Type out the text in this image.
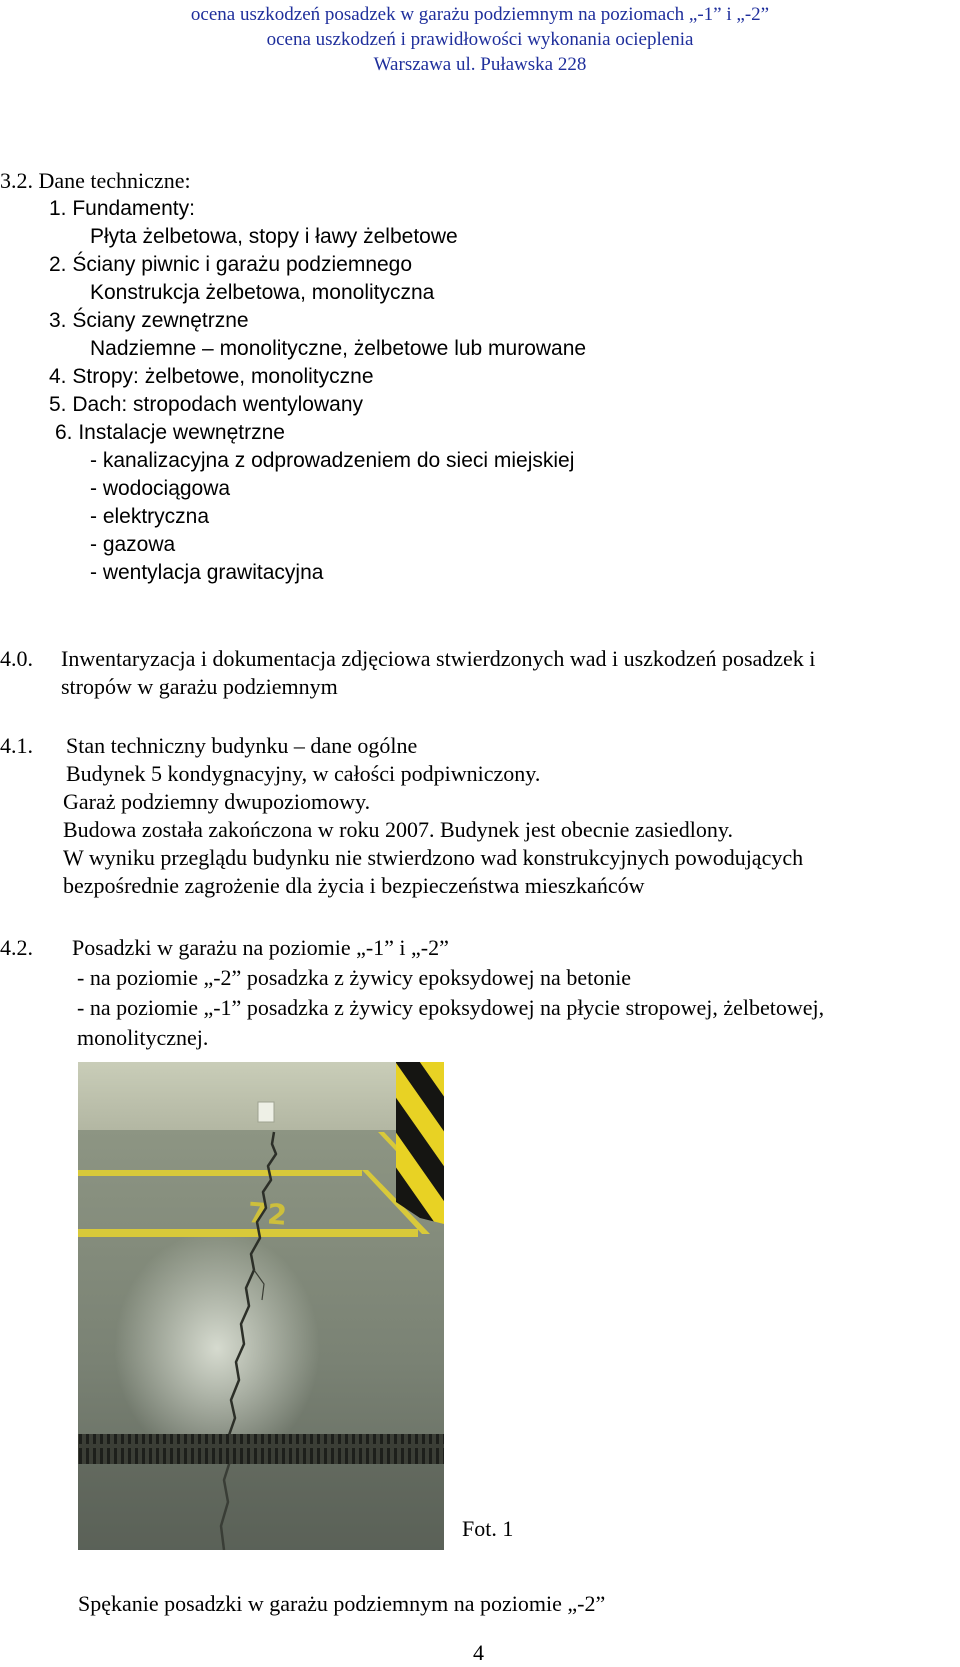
ocena uszkodzeń posadzek w garażu podziemnym na poziomach „-1” i „-2”
ocena uszkodzeń i prawidłowości wykonania ocieplenia
Warszawa ul. Puławska 228
3.2. Dane techniczne:
1. Fundamenty:
Płyta żelbetowa, stopy i ławy żelbetowe
2. Ściany piwnic i garażu podziemnego
Konstrukcja żelbetowa, monolityczna
3. Ściany zewnętrzne
Nadziemne – monolityczne, żelbetowe lub murowane
4. Stropy: żelbetowe, monolityczne
5. Dach: stropodach wentylowany
6. Instalacje wewnętrzne
- kanalizacyjna z odprowadzeniem do sieci miejskiej
- wodociągowa
- elektryczna
- gazowa
- wentylacja grawitacyjna
4.0. Inwentaryzacja i dokumentacja zdjęciowa stwierdzonych wad i uszkodzeń posadzek i
stropów w garażu podziemnym
4.1. Stan techniczny budynku – dane ogólne
Budynek 5 kondygnacyjny, w całości podpiwniczony.
Garaż podziemny dwupoziomowy.
Budowa została zakończona w roku 2007. Budynek jest obecnie zasiedlony.
W wyniku przeglądu budynku nie stwierdzono wad konstrukcyjnych powodujących
bezpośrednie zagrożenie dla życia i bezpieczeństwa mieszkańców
4.2. Posadzki w garażu na poziomie „-1” i „-2”
- na poziomie „-2” posadzka z żywicy epoksydowej na betonie
- na poziomie „-1” posadzka z żywicy epoksydowej na płycie stropowej, żelbetowej,
monolitycznej.
72
Fot. 1
Spękanie posadzki w garażu podziemnym na poziomie „-2”
4
